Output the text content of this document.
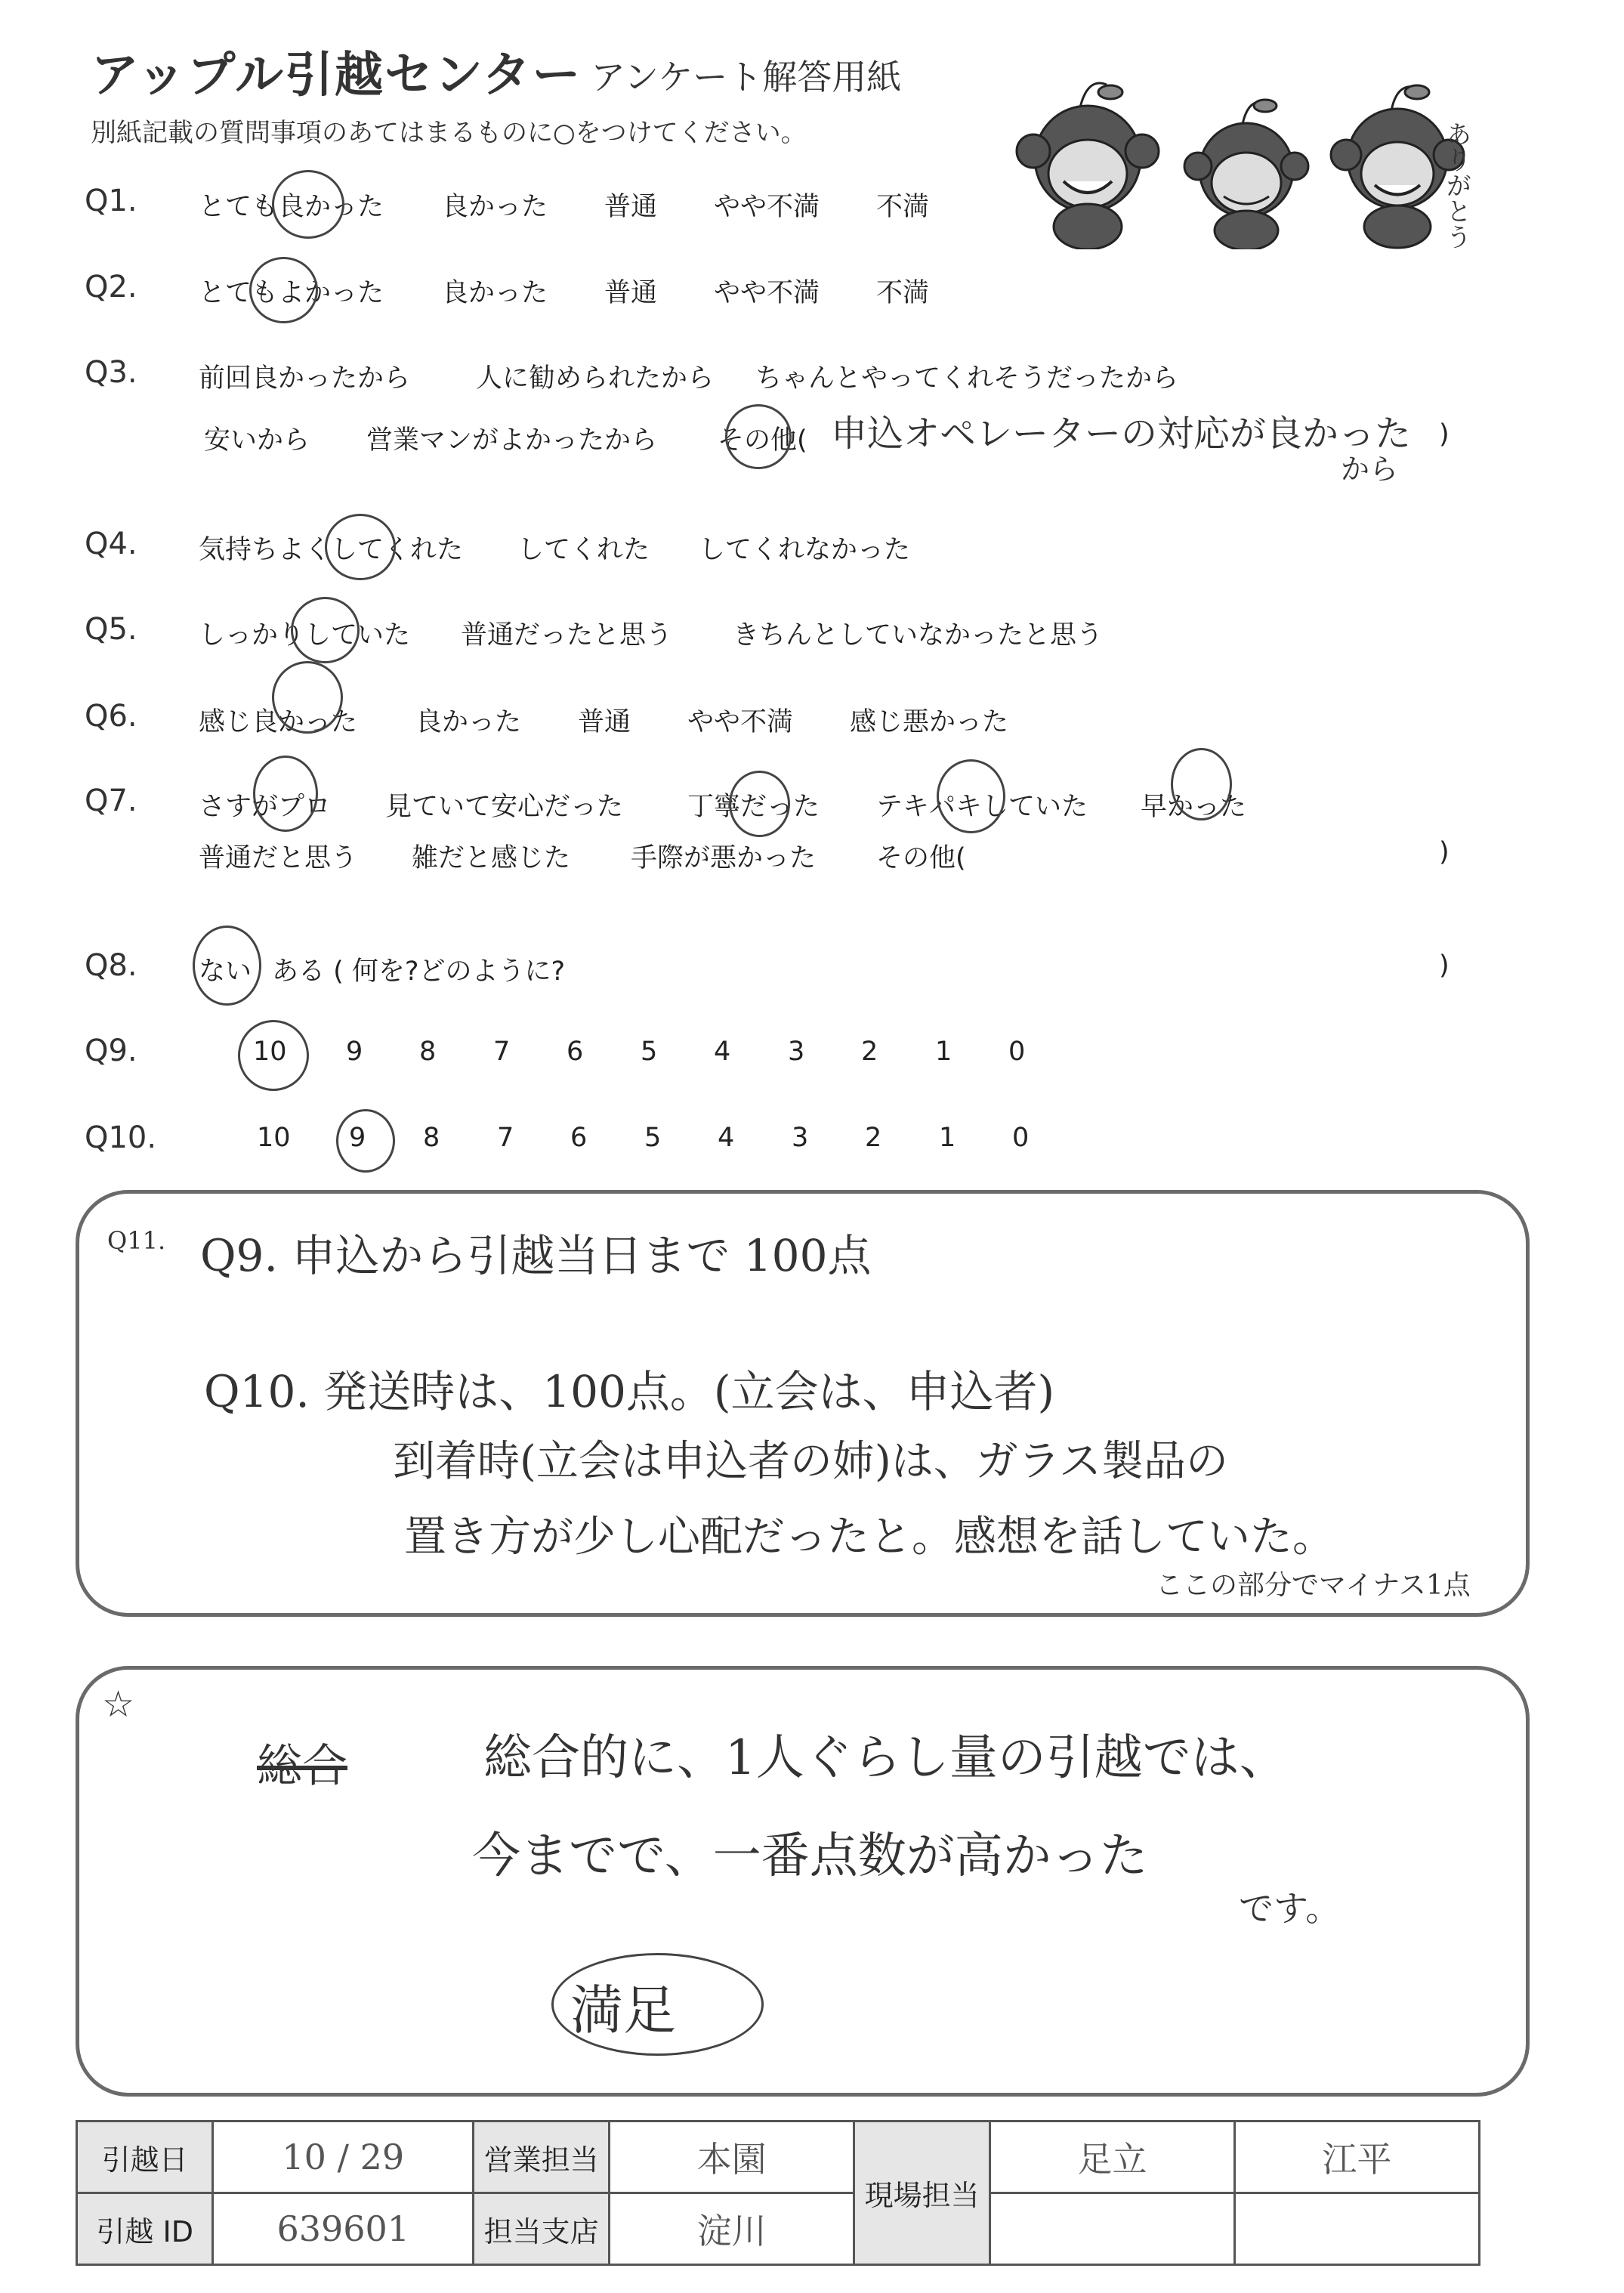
アップル引越センター アンケート解答用紙
別紙記載の質問事項のあてはまるものに○をつけてください。	ありがとう
Q1. とても良かった 良かった 普通 やや不満 不満
Q2. とてもよかった 良かった 普通 やや不満 不満
Q3. 前回良かったから 人に勧められたから ちゃんとやってくれそうだったから
安いから 営業マンがよかったから その他( 申込オペレーターの対応が良かった
から
)
Q4. 気持ちよくしてくれた してくれた してくれなかった
Q5. しっかりしていた 普通だったと思う きちんとしていなかったと思う
Q6. 感じ良かった 良かった 普通 やや不満 感じ悪かった
Q7. さすがプロ 見ていて安心だった 丁寧だった テキパキしていた 早かった
普通だと思う 雑だと感じた 手際が悪かった その他(	)
Q8. ない ある ( 何を?どのように?	)
Q9.	10 9 8 7 6 5 4 3 2 1 0
Q10.	10 9 8 7 6 5 4 3 2 1 0
Q11. Q9. 申込から引越当日まで 100点
Q10. 発送時は、100点。(立会は、申込者)
到着時(立会は申込者の姉)は、ガラス製品の
置き方が少し心配だったと。感想を話していた。
ここの部分でマイナス1点
☆
総合	総合的に、1人ぐらし量の引越では、
今までで、一番点数が高かった
です。
満足
引越日	10 / 29	営業担当	本園	現場担当	足立	江平
引越 ID	639601	担当支店	淀川			
